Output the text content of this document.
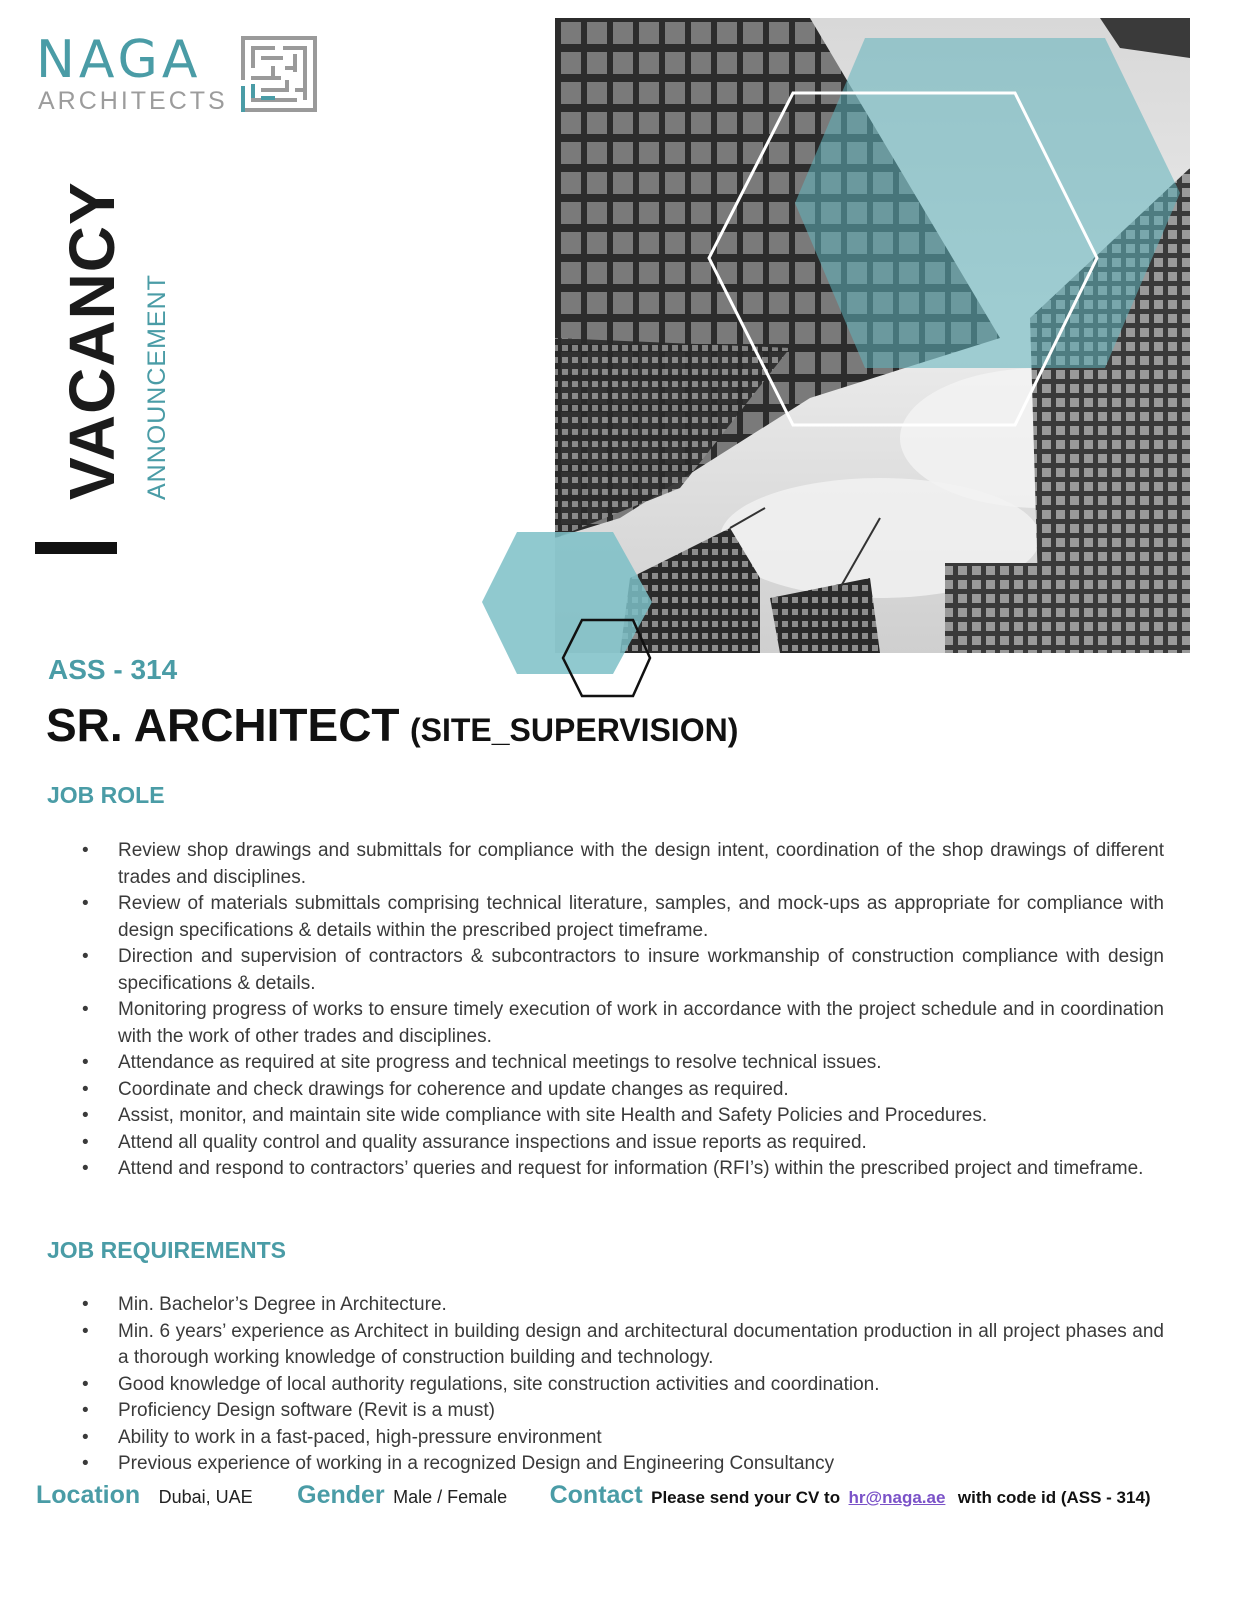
NAGA
ARCHITECTS
VACANCY ANNOUNCEMENT
ASS - 314
SR. ARCHITECT (SITE_SUPERVISION)
JOB ROLE
• Review shop drawings and submittals for compliance with the design intent, coordination of the shop drawings of different trades and disciplines.
• Review of materials submittals comprising technical literature, samples, and mock-ups as appropriate for compliance with design specifications & details within the prescribed project timeframe.
• Direction and supervision of contractors & subcontractors to insure workmanship of construction compliance with design specifications & details.
• Monitoring progress of works to ensure timely execution of work in accordance with the project schedule and in coordination with the work of other trades and disciplines.
• Attendance as required at site progress and technical meetings to resolve technical issues.
• Coordinate and check drawings for coherence and update changes as required.
• Assist, monitor, and maintain site wide compliance with site Health and Safety Policies and Procedures.
• Attend all quality control and quality assurance inspections and issue reports as required.
• Attend and respond to contractors’ queries and request for information (RFI’s) within the prescribed project and timeframe.
JOB REQUIREMENTS
• Min. Bachelor’s Degree in Architecture.
• Min. 6 years’ experience as Architect in building design and architectural documentation production in all project phases and a thorough working knowledge of construction building and technology.
• Good knowledge of local authority regulations, site construction activities and coordination.
• Proficiency Design software (Revit is a must)
• Ability to work in a fast-paced, high-pressure environment
• Previous experience of working in a recognized Design and Engineering Consultancy
Location Dubai, UAE Gender Male / Female Contact Please send your CV to hr@naga.ae with code id (ASS - 314)
